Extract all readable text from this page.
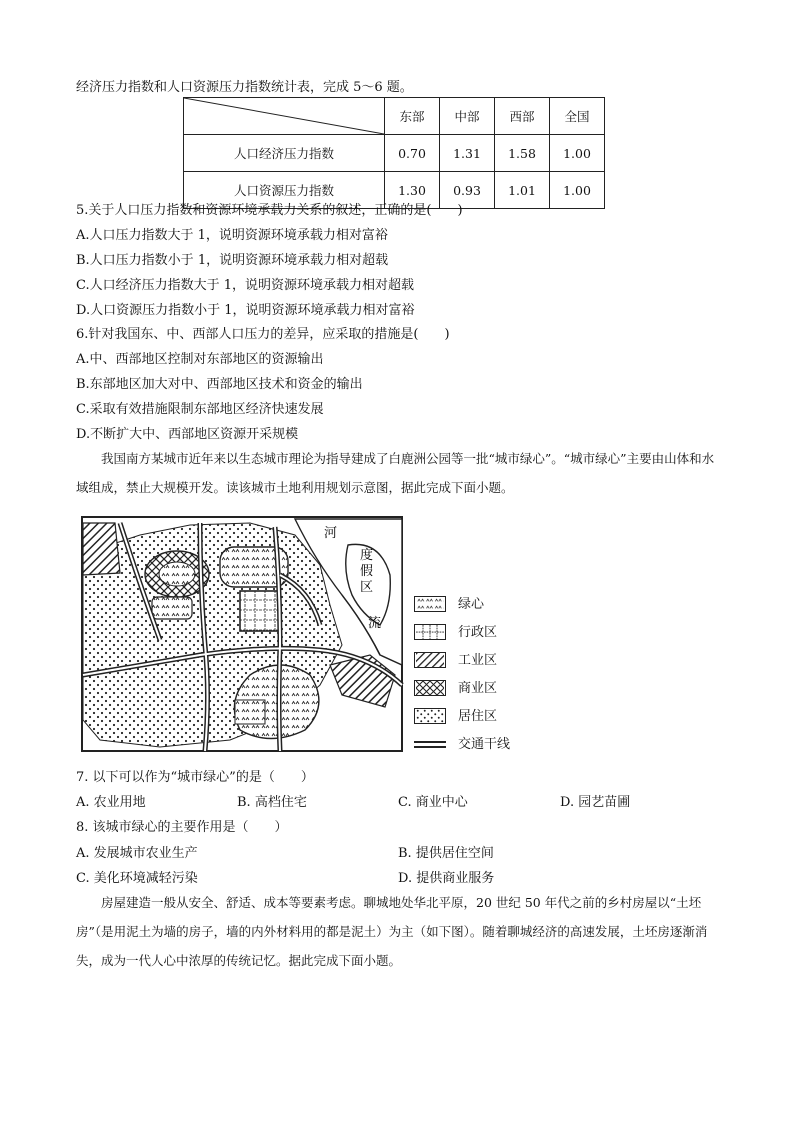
经济压力指数和人口资源压力指数统计表，完成 5～6 题。
	东部	中部	西部	全国
人口经济压力指数	0.70	1.31	1.58	1.00
人口资源压力指数	1.30	0.93	1.01	1.00
5.关于人口压力指数和资源环境承载力关系的叙述，正确的是(　　)
A.人口压力指数大于 1，说明资源环境承载力相对富裕
B.人口压力指数小于 1，说明资源环境承载力相对超载
C.人口经济压力指数大于 1，说明资源环境承载力相对超载
D.人口资源压力指数小于 1，说明资源环境承载力相对富裕
6.针对我国东、中、西部人口压力的差异，应采取的措施是(　　)
A.中、西部地区控制对东部地区的资源输出
B.东部地区加大对中、西部地区技术和资金的输出
C.采取有效措施限制东部地区经济快速发展
D.不断扩大中、西部地区资源开采规模
我国南方某城市近年来以生态城市理论为指导建成了白鹿洲公园等一批“城市绿心”。“城市绿心”主要由山体和水域组成，禁止大规模开发。读该城市土地利用规划示意图，据此完成下面小题。
河
度
假
区
流
绿心
行政区
工业区
商业区
居住区
交通干线
7. 以下可以作为“城市绿心”的是（　　）
A. 农业用地	B. 高档住宅	C. 商业中心	D. 园艺苗圃
8. 该城市绿心的主要作用是（　　）
A. 发展城市农业生产	B. 提供居住空间
C. 美化环境减轻污染	D. 提供商业服务
房屋建造一般从安全、舒适、成本等要素考虑。聊城地处华北平原，20 世纪 50 年代之前的乡村房屋以“土坯房”（是用泥土为墙的房子，墙的内外材料用的都是泥土）为主（如下图）。随着聊城经济的高速发展，土坯房逐渐消失，成为一代人心中浓厚的传统记忆。据此完成下面小题。
